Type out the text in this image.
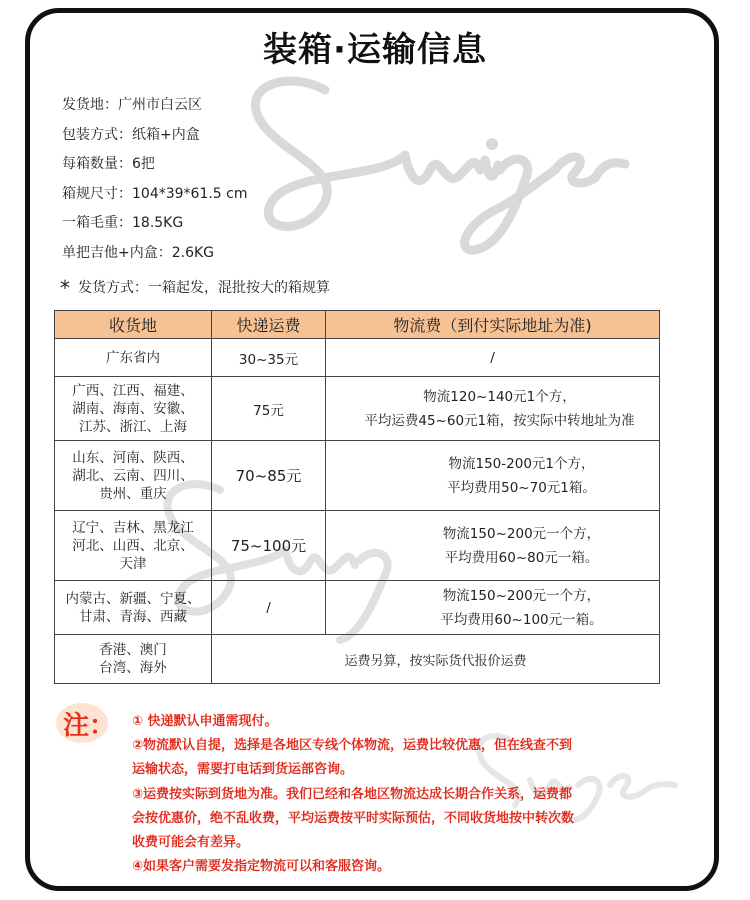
装箱·运输信息
发货地：广州市白云区
包装方式：纸箱+内盒
每箱数量：6把
箱规尺寸：104*39*61.5 cm
一箱毛重：18.5KG
单把吉他+内盒：2.6KG
* 发货方式：一箱起发，混批按大的箱规算
收货地	快递运费	物流费（到付实际地址为准)
广东省内	30~35元	/
广西、江西、福建、
湖南、海南、安徽、
江苏、浙江、上海	75元	物流120~140元1个方，
平均运费45~60元1箱，按实际中转地址为准
山东、河南、陕西、
湖北、云南、四川、
贵州、重庆	70~85元	物流150-200元1个方，
平均费用50~70元1箱。
辽宁、吉林、黑龙江
河北、山西、北京、
天津	75~100元	物流150~200元一个方，
平均费用60~80元一箱。
内蒙古、新疆、宁夏、
甘肃、青海、西藏	/	物流150~200元一个方，
平均费用60~100元一箱。
香港、澳门
台湾、海外	运费另算，按实际货代报价运费	
注： ① 快递默认申通需现付。
②物流默认自提，选择是各地区专线个体物流，运费比较优惠，但在线查不到
运输状态，需要打电话到货运部咨询。
③运费按实际到货地为准。我们已经和各地区物流达成长期合作关系，运费都
会按优惠价，绝不乱收费，平均运费按平时实际预估，不同收货地按中转次数
收费可能会有差异。
④如果客户需要发指定物流可以和客服咨询。
